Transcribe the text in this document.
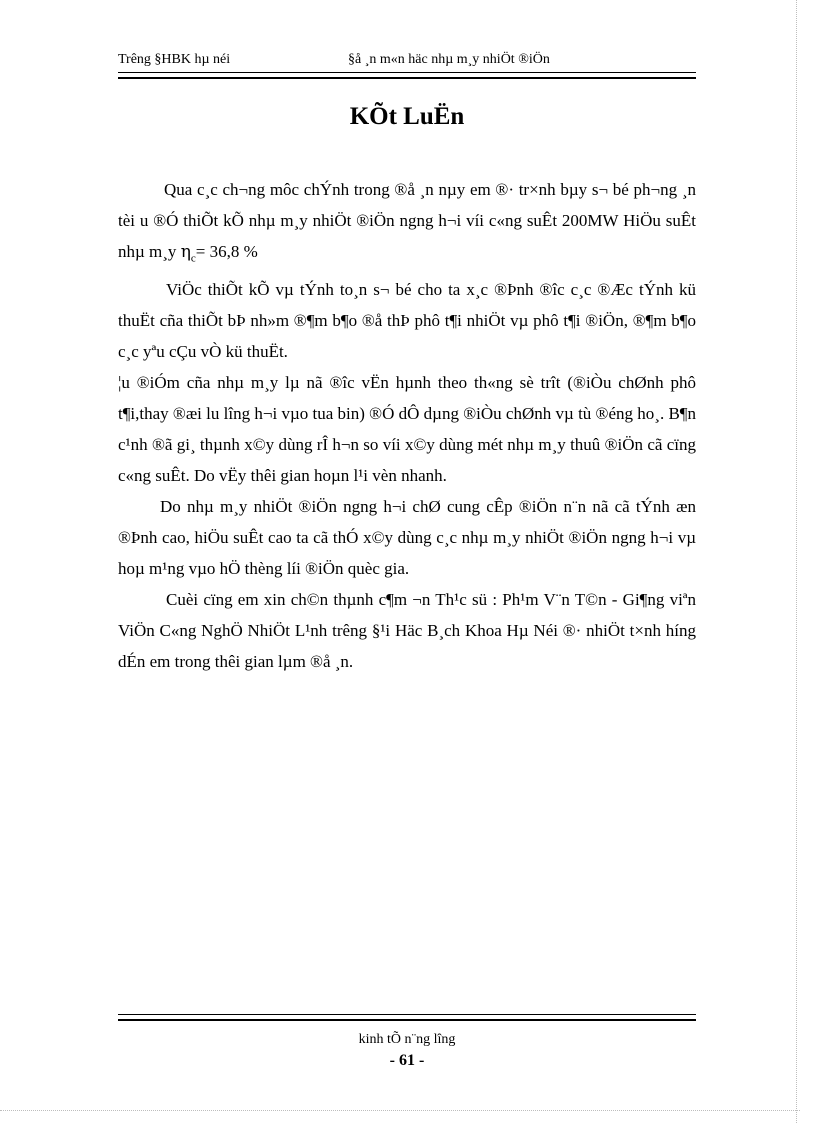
Trêng §HBK hµ néi	§å ¸n m«n häc nhµ m¸y nhiÖt ®iÖn
KÕt LuËn

Qua c¸c ch¬ng môc chÝnh trong ®å ¸n nµy em ®· tr×nh bµy s¬ bé ph¬ng ¸n tèi u ®Ó thiÕt kÕ nhµ m¸y nhiÖt ®iÖn ngng h¬i víi c«ng suÊt 200MW HiÖu suÊt nhµ m¸y $\eta_c= 36,8$ %

ViÖc thiÕt kÕ vµ tÝnh to¸n s¬ bé cho ta x¸c ®Þnh ®îc c¸c ®Æc tÝnh kü thuËt cña thiÕt bÞ nh»m ®¶m b¶o ®å thÞ phô t¶i nhiÖt vµ phô t¶i ®iÖn, ®¶m b¶o c¸c yªu cÇu vÒ kü thuËt.

¦u ®iÓm cña nhµ m¸y lµ nã ®îc vËn hµnh theo th«ng sè trît (®iÒu chØnh phô t¶i,thay ®æi lu lîng h¬i vµo tua bin) ®Ó dÔ dµng ®iÒu chØnh vµ tù ®éng ho¸. B¶n c¹nh ®ã gi¸ thµnh x©y dùng rÎ h¬n so víi x©y dùng mét nhµ m¸y thuû ®iÖn cã cïng c«ng suÊt. Do vËy thêi gian hoµn l¹i vèn nhanh.

Do nhµ m¸y nhiÖt ®iÖn ngng h¬i chØ cung cÊp ®iÖn n¨n nã cã tÝnh æn ®Þnh cao, hiÖu suÊt cao ta cã thÓ x©y dùng c¸c nhµ m¸y nhiÖt ®iÖn ngng h¬i vµ hoµ m¹ng vµo hÖ thèng líi ®iÖn quèc gia.

Cuèi cïng em xin ch©n thµnh c¶m ¬n Th¹c sü : Ph¹m V¨n T©n - Gi¶ng viªn ViÖn C«ng NghÖ NhiÖt L¹nh trêng §¹i Häc B¸ch Khoa Hµ Néi ®· nhiÖt t×nh híng dÉn em trong thêi gian lµm ®å ¸n.

kinh tÕ n¨ng lîng
- 61 -
